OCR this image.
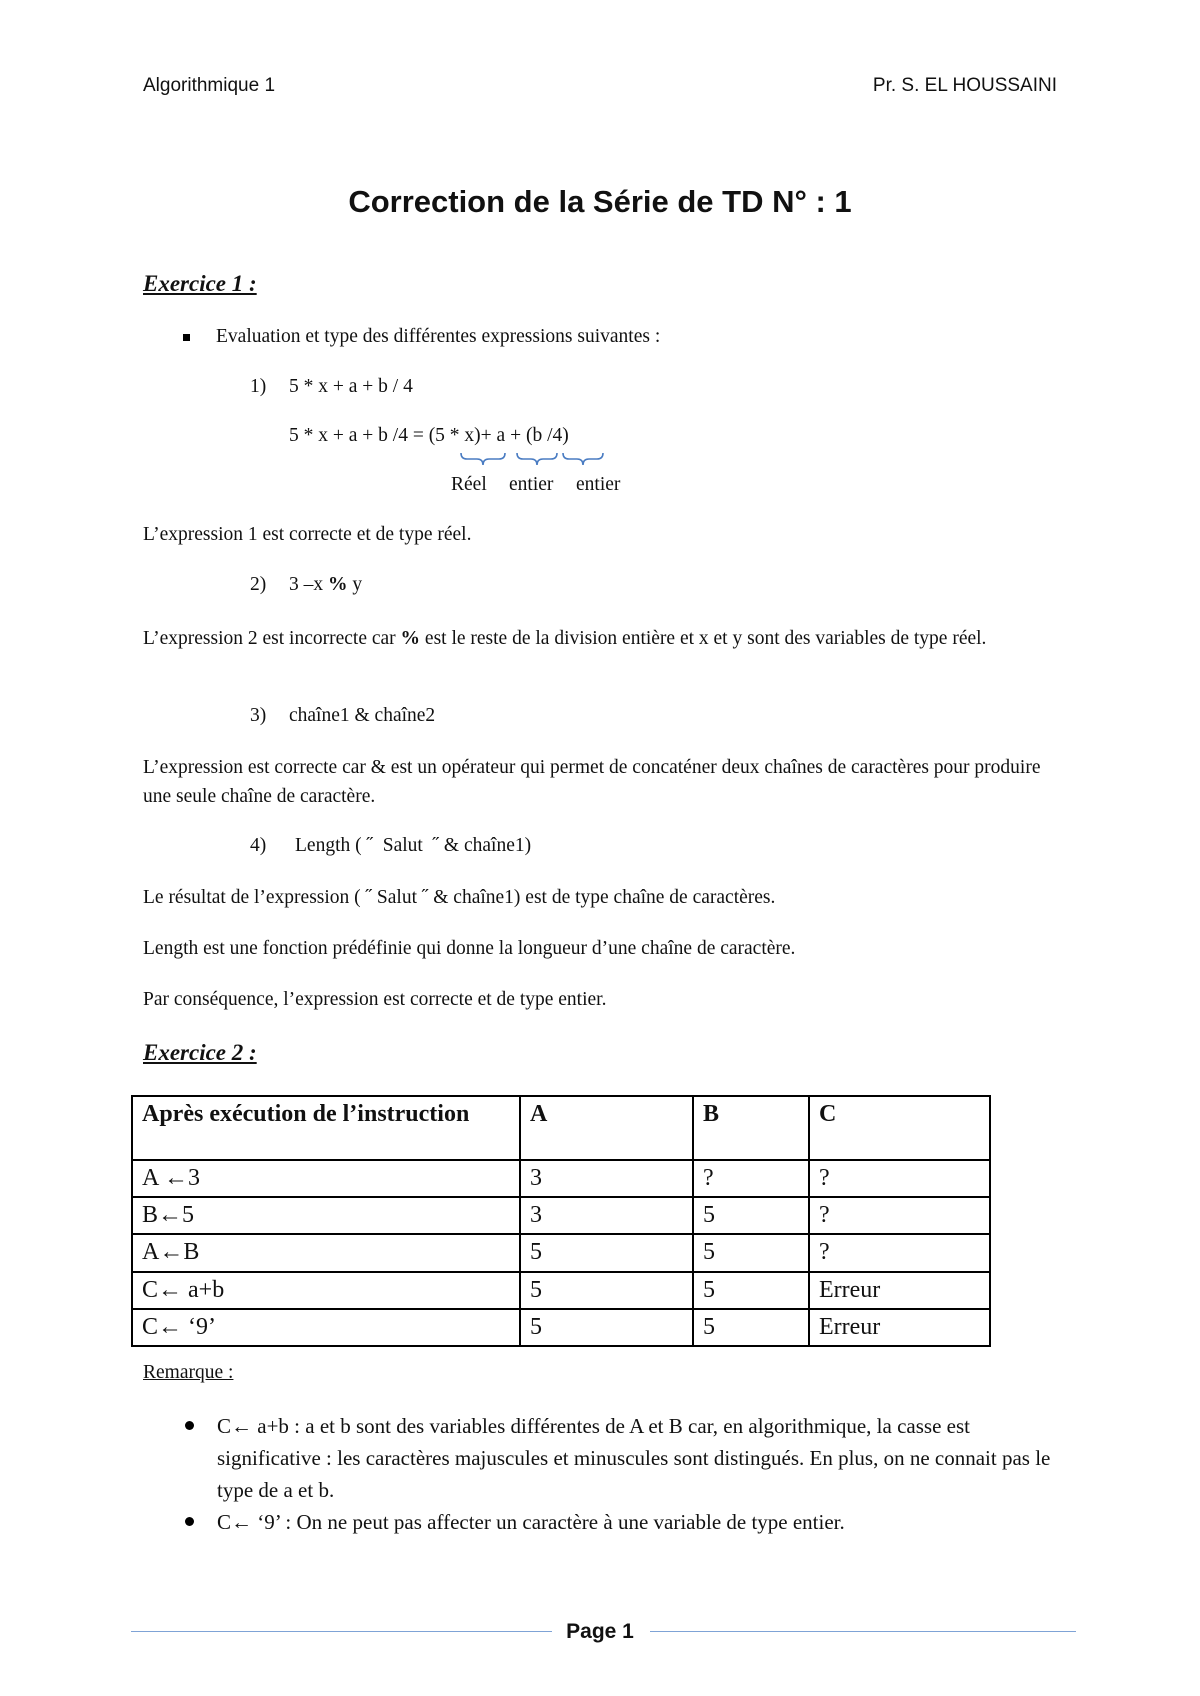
Algorithmique 1	Pr. S. EL HOUSSAINI
Correction de la Série de TD N° : 1
Exercice 1 :
Evaluation et type des différentes expressions suivantes :
1) 5 * x + a + b / 4
5 * x + a + b /4 = (5 * x)+ a + (b /4)
Réel entier entier
L’expression 1 est correcte et de type réel.
2) 3 –x % y
L’expression 2 est incorrecte car % est le reste de la division entière et x et y sont des variables de type réel.
3) chaîne1 & chaîne2
L’expression est correcte car & est un opérateur qui permet de concaténer deux chaînes de caractères pour produire une seule chaîne de caractère.
4) Length ( ˝  Salut  ˝ & chaîne1)
Le résultat de l’expression ( ˝ Salut ˝ & chaîne1) est de type chaîne de caractères.
Length est une fonction prédéfinie qui donne la longueur d’une chaîne de caractère.
Par conséquence, l’expression est correcte et de type entier.
Exercice 2 :
Après exécution de l’instruction	A	B	C
A ←3	3	?	?
B←5	3	5	?
A←B	5	5	?
C← a+b	5	5	Erreur
C← ‘9’	5	5	Erreur
Remarque :
C← a+b : a et b sont des variables différentes de A et B car, en algorithmique, la casse est significative : les caractères majuscules et minuscules sont distingués. En plus, on ne connait pas le type de a et b.
C← ‘9’ : On ne peut pas affecter un caractère à une variable de type entier.
Page 1
